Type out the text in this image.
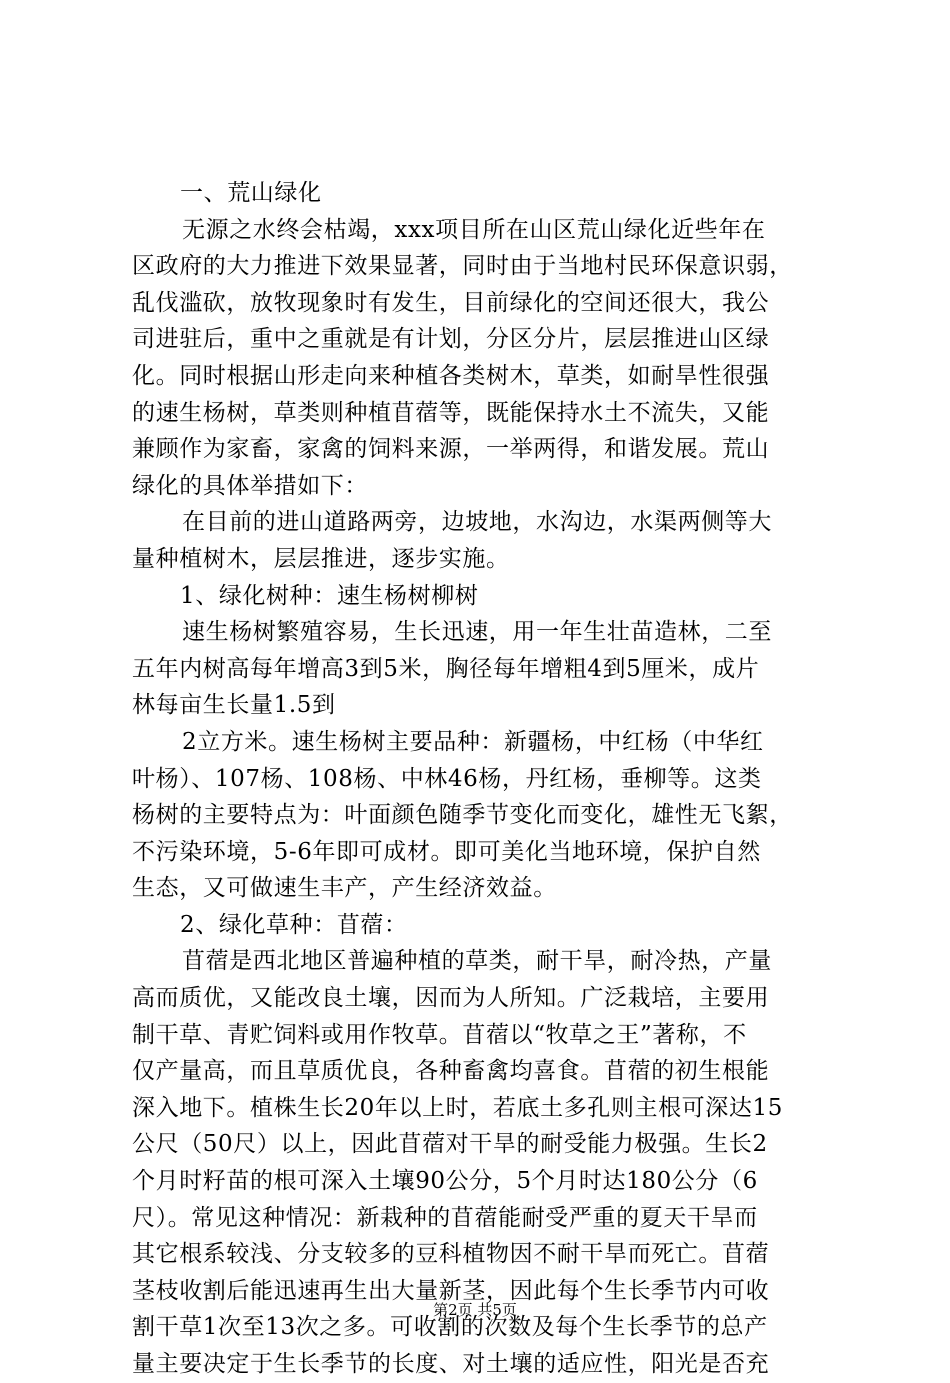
一、荒山绿化
无源之水终会枯竭，xxx项目所在山区荒山绿化近些年在
区政府的大力推进下效果显著，同时由于当地村民环保意识弱，
乱伐滥砍，放牧现象时有发生，目前绿化的空间还很大，我公
司进驻后，重中之重就是有计划，分区分片，层层推进山区绿
化。同时根据山形走向来种植各类树木，草类，如耐旱性很强
的速生杨树，草类则种植苜蓿等，既能保持水土不流失，又能
兼顾作为家畜，家禽的饲料来源，一举两得，和谐发展。荒山
绿化的具体举措如下：
在目前的进山道路两旁，边坡地，水沟边，水渠两侧等大
量种植树木，层层推进，逐步实施。
1、绿化树种：速生杨树柳树
速生杨树繁殖容易，生长迅速，用一年生壮苗造林，二至
五年内树高每年增高3到5米，胸径每年增粗4到5厘米，成片
林每亩生长量1.5到
2立方米。速生杨树主要品种：新疆杨，中红杨（中华红
叶杨）、107杨、108杨、中林46杨，丹红杨，垂柳等。这类
杨树的主要特点为：叶面颜色随季节变化而变化，雄性无飞絮，
不污染环境，5-6年即可成材。即可美化当地环境，保护自然
生态，又可做速生丰产，产生经济效益。
2、绿化草种：苜蓿：
苜蓿是西北地区普遍种植的草类，耐干旱，耐冷热，产量
高而质优，又能改良土壤，因而为人所知。广泛栽培，主要用
制干草、青贮饲料或用作牧草。苜蓿以“牧草之王”著称，不
仅产量高，而且草质优良，各种畜禽均喜食。苜蓿的初生根能
深入地下。植株生长20年以上时，若底土多孔则主根可深达15
公尺（50尺）以上，因此苜蓿对干旱的耐受能力极强。生长2
个月时籽苗的根可深入土壤90公分，5个月时达180公分（6
尺）。常见这种情况：新栽种的苜蓿能耐受严重的夏天干旱而
其它根系较浅、分支较多的豆科植物因不耐干旱而死亡。苜蓿
茎枝收割后能迅速再生出大量新茎，因此每个生长季节内可收
割干草1次至13次之多。可收割的次数及每个生长季节的总产
量主要决定于生长季节的长度、对土壤的适应性，阳光是否充
第2页 共5页
